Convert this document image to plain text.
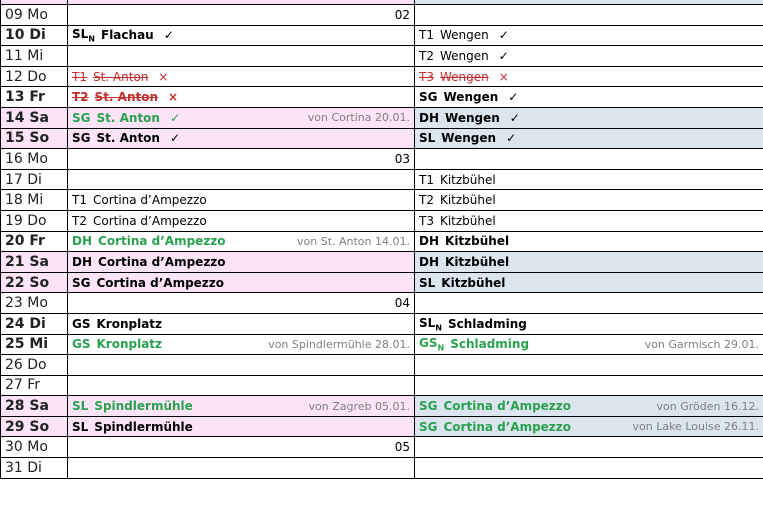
09 Mo	02	

10 Di	$SL_N$ Flachau ✓	T1 Wengen ✓

11 Mi		T2 Wengen ✓

12 Do	T1 St. Anton ×	T3 Wengen ×

13 Fr	T2 St. Anton ×	SG Wengen ✓

14 Sa	SG St. Anton ✓ von Cortina 20.01.	DH Wengen ✓

15 So	SG St. Anton ✓	SL Wengen ✓

16 Mo	03	

17 Di		T1 Kitzbühel

18 Mi	T1 Cortina d’Ampezzo	T2 Kitzbühel

19 Do	T2 Cortina d’Ampezzo	T3 Kitzbühel

20 Fr	DH Cortina d’Ampezzo von St. Anton 14.01.	DH Kitzbühel

21 Sa	DH Cortina d’Ampezzo	DH Kitzbühel

22 So	SG Cortina d’Ampezzo	SL Kitzbühel

23 Mo	04	

24 Di	GS Kronplatz	$SL_N$ Schladming

25 Mi	GS Kronplatz von Spindlermühle 28.01.	$GS_N$ Schladming von Garmisch 29.01.

26 Do	

27 Fr	

28 Sa	SL Spindlermühle von Zagreb 05.01.	SG Cortina d’Ampezzo von Gröden 16.12.

29 So	SL Spindlermühle	SG Cortina d’Ampezzo von Lake Louise 26.11.

30 Mo	05	

31 Di	
